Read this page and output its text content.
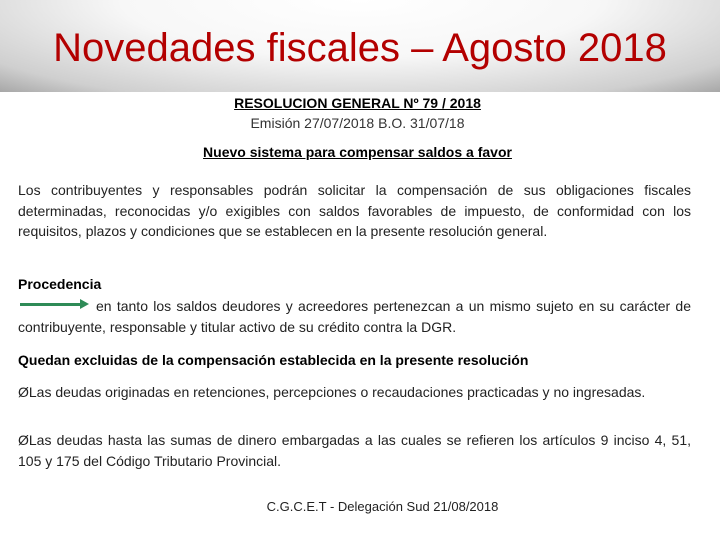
Novedades fiscales – Agosto 2018
RESOLUCION GENERAL Nº 79 / 2018
Emisión 27/07/2018 B.O. 31/07/18
Nuevo sistema para compensar saldos a favor
Los contribuyentes y responsables podrán solicitar la compensación de sus obligaciones fiscales determinadas, reconocidas y/o exigibles con saldos favorables de impuesto, de conformidad con los requisitos, plazos y condiciones que se establecen en la presente resolución general.
Procedencia
en tanto los saldos deudores y acreedores pertenezcan a un mismo sujeto en su carácter de contribuyente, responsable y titular activo de su crédito contra la DGR.
Quedan excluidas de la compensación establecida en la presente resolución
ØLas deudas originadas en retenciones, percepciones o recaudaciones practicadas y no ingresadas.
ØLas deudas hasta las sumas de dinero embargadas a las cuales se refieren los artículos 9 inciso 4, 51, 105 y 175 del Código Tributario Provincial.
C.G.C.E.T - Delegación Sud 21/08/2018
